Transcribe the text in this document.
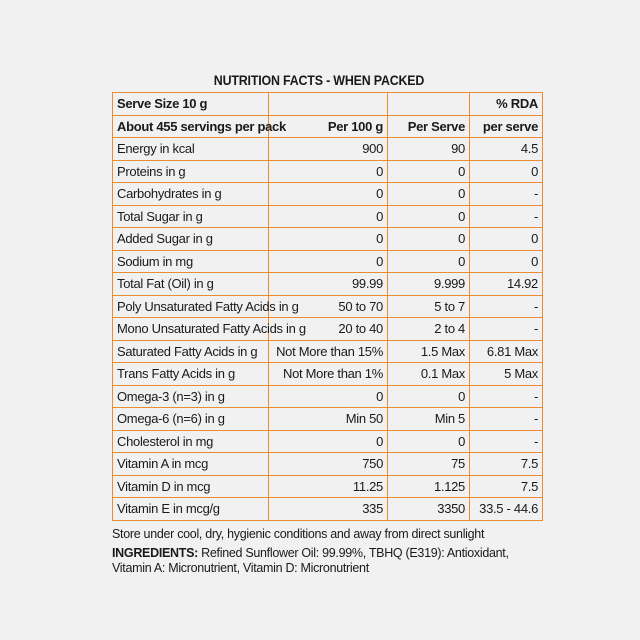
NUTRITION FACTS - WHEN PACKED
Serve Size 10 g			% RDA
About 455 servings per pack	Per 100 g	Per Serve	per serve
Energy in kcal	900	90	4.5
Proteins in g	0	0	0
Carbohydrates in g	0	0	-
Total Sugar in g	0	0	-
Added Sugar in g	0	0	0
Sodium in mg	0	0	0
Total Fat (Oil) in g	99.99	9.999	14.92
Poly Unsaturated Fatty Acids in g	50 to 70	5 to 7	-
Mono Unsaturated Fatty Acids in g	20 to 40	2 to 4	-
Saturated Fatty Acids in g	Not More than 15%	1.5 Max	6.81 Max
Trans Fatty Acids in g	Not More than 1%	0.1 Max	5 Max
Omega-3 (n=3) in g	0	0	-
Omega-6 (n=6) in g	Min 50	Min 5	-
Cholesterol in mg	0	0	-
Vitamin A in mcg	750	75	7.5
Vitamin D in mcg	11.25	1.125	7.5
Vitamin E in mcg/g	335	3350	33.5 - 44.6

Store under cool, dry, hygienic conditions and away from direct sunlight

INGREDIENTS: Refined Sunflower Oil: 99.99%, TBHQ (E319): Antioxidant,
Vitamin A: Micronutrient, Vitamin D: Micronutrient
